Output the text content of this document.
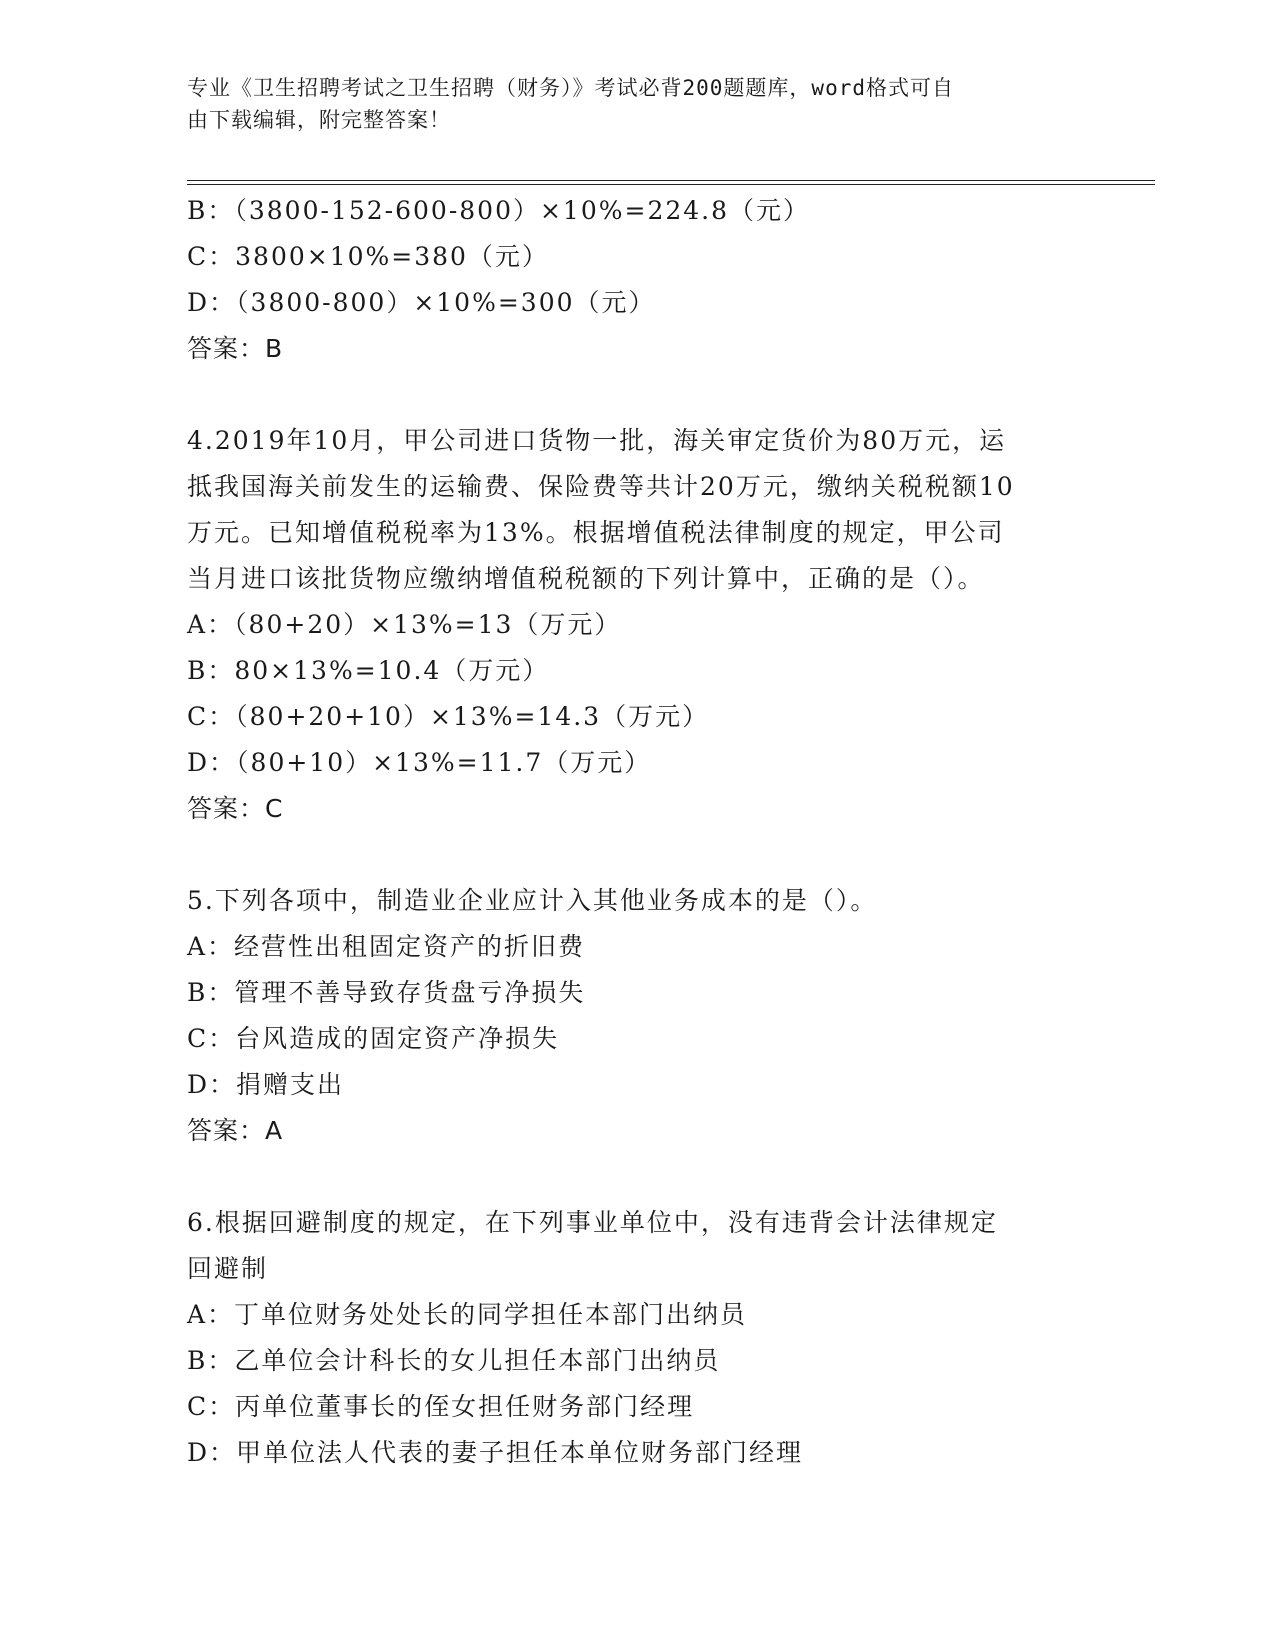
专业《卫生招聘考试之卫生招聘（财务）》考试必背200题题库，word格式可自
由下载编辑，附完整答案！

B：（3800-152-600-800）×10%=224.8（元）

C：3800×10%=380（元）

D：（3800-800）×10%=300（元）

答案：B

4.2019年10月，甲公司进口货物一批，海关审定货价为80万元，运

抵我国海关前发生的运输费、保险费等共计20万元，缴纳关税税额10

万元。已知增值税税率为13%。根据增值税法律制度的规定，甲公司

当月进口该批货物应缴纳增值税税额的下列计算中，正确的是（）。

A：（80+20）×13%=13（万元）

B：80×13%=10.4（万元）

C：（80+20+10）×13%=14.3（万元）

D：（80+10）×13%=11.7（万元）

答案：C

5.下列各项中，制造业企业应计入其他业务成本的是（）。

A：经营性出租固定资产的折旧费

B：管理不善导致存货盘亏净损失

C：台风造成的固定资产净损失

D：捐赠支出

答案：A

6.根据回避制度的规定，在下列事业单位中，没有违背会计法律规定

回避制

A：丁单位财务处处长的同学担任本部门出纳员

B：乙单位会计科长的女儿担任本部门出纳员

C：丙单位董事长的侄女担任财务部门经理

D：甲单位法人代表的妻子担任本单位财务部门经理
